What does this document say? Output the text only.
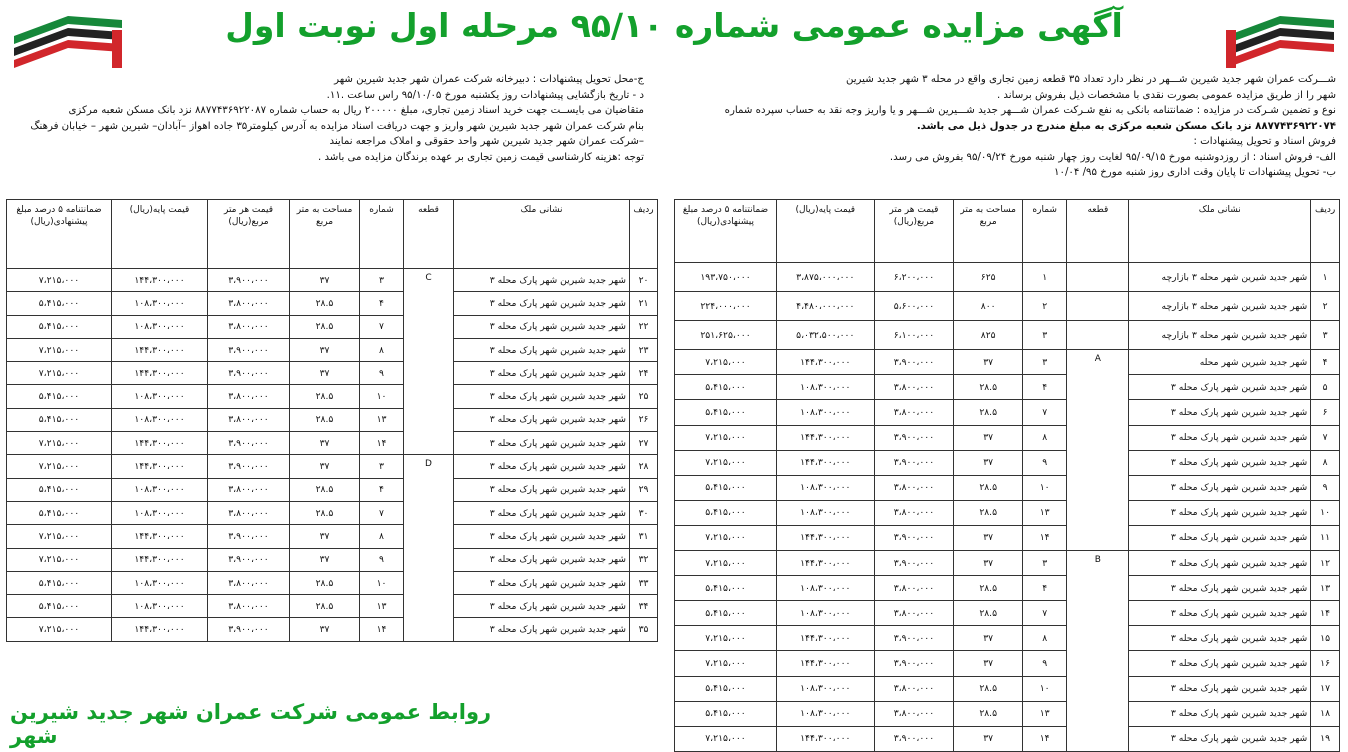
آگهی مزایده عمومی شماره ۹۵/۱۰ مرحله اول نوبت اول
شـــرکت عمران شهر جدید شیرین شـــهر در نظر دارد تعداد ۳۵ قطعه زمین تجاری واقع در محله ۳ شهر جدید شیرین
شهر را از طریق مزایده عمومی بصورت نقدی با مشخصات ذیل بفروش برساند .
نوع و تضمین شـرکت در مزایده : ضمانتنامه بانکی به نفع شـرکت عمران شـــهر جدید شـــیرین شـــهر و یا واریز وجه نقد به حساب سپرده شماره
۸۸۷۷۴۳۶۹۲۲۰۷۴ نزد بانک مسکن شعبه مرکزی به مبلغ مندرج در جدول ذیل می باشد.
فروش اسناد و تحویل پیشنهادات :
الف- فروش اسناد : از روزدوشنبه مورخ ۹۵/۰۹/۱۵ لغایت روز چهار شنبه مورخ ۹۵/۰۹/۲۴ بفروش می رسد.
ب- تحویل پیشنهادات تا پایان وقت اداری روز شنبه مورخ ۹۵/ ۱۰/۰۴
ج-محل تحویل پیشنهادات : دبیرخانه شرکت عمران شهر جدید شیرین شهر
د - تاریخ بازگشایی پیشنهادات روز یکشنبه مورخ ۹۵/۱۰/۰۵ راس ساعت .۱۱.
متقاضیان می بایســت جهت خرید اسناد زمین تجاری، مبلغ ۲۰۰۰۰۰ ریال به حساب شماره ۸۸۷۷۴۳۶۹۲۲۰۸۷ نزد بانک مسکن شعبه مرکزی
بنام شرکت عمران شهر جدید شیرین شهر واریز و جهت دریافت اسناد مزایده به آدرس کیلومتر۳۵ جاده اهواز –آبادان– شیرین شهر – خیابان فرهنگ
–شرکت عمران شهر جدید شیرین شهر واحد حقوقی و املاک مراجعه نمایند
توجه :هزینه کارشناسی قیمت زمین تجاری بر عهده برندگان مزایده می باشد .
ردیف	نشانی ملک	قطعه	شماره	مساحت به متر مربع	قیمت هر متر مربع(ریال)	قیمت پایه(ریال)	ضمانتنامه ۵ درصد مبلغ پیشنهادی(ریال)
۱	شهر جدید شیرین شهر محله ۳ بازارچه		۱	۶۲۵	۶،۲۰۰،۰۰۰	۳،۸۷۵،۰۰۰،۰۰۰	۱۹۳،۷۵۰،۰۰۰
۲	شهر جدید شیرین شهر محله ۳ بازارچه		۲	۸۰۰	۵،۶۰۰،۰۰۰	۴،۴۸۰،۰۰۰،۰۰۰	۲۲۴،۰۰۰،۰۰۰
۳	شهر جدید شیرین شهر محله ۳ بازارچه		۳	۸۲۵	۶،۱۰۰،۰۰۰	۵،۰۳۲،۵۰۰،۰۰۰	۲۵۱،۶۲۵،۰۰۰
۴	شهر جدید شیرین شهر محله	A	۳	۳۷	۳،۹۰۰،۰۰۰	۱۴۴،۳۰۰،۰۰۰	۷،۲۱۵،۰۰۰
۵	شهر جدید شیرین شهر پارک محله ۳		۴	۲۸.۵	۳،۸۰۰،۰۰۰	۱۰۸،۳۰۰،۰۰۰	۵،۴۱۵،۰۰۰
۶	شهر جدید شیرین شهر پارک محله ۳		۷	۲۸.۵	۳،۸۰۰،۰۰۰	۱۰۸،۳۰۰،۰۰۰	۵،۴۱۵،۰۰۰
۷	شهر جدید شیرین شهر پارک محله ۳		۸	۳۷	۳،۹۰۰،۰۰۰	۱۴۴،۳۰۰،۰۰۰	۷،۲۱۵،۰۰۰
۸	شهر جدید شیرین شهر پارک محله ۳		۹	۳۷	۳،۹۰۰،۰۰۰	۱۴۴،۳۰۰،۰۰۰	۷،۲۱۵،۰۰۰
۹	شهر جدید شیرین شهر پارک محله ۳		۱۰	۲۸.۵	۳،۸۰۰،۰۰۰	۱۰۸،۳۰۰،۰۰۰	۵،۴۱۵،۰۰۰
۱۰	شهر جدید شیرین شهر پارک محله ۳		۱۳	۲۸.۵	۳،۸۰۰،۰۰۰	۱۰۸،۳۰۰،۰۰۰	۵،۴۱۵،۰۰۰
۱۱	شهر جدید شیرین شهر پارک محله ۳		۱۴	۳۷	۳،۹۰۰،۰۰۰	۱۴۴،۳۰۰،۰۰۰	۷،۲۱۵،۰۰۰
۱۲	شهر جدید شیرین شهر پارک محله ۳	B	۳	۳۷	۳،۹۰۰،۰۰۰	۱۴۴،۳۰۰،۰۰۰	۷،۲۱۵،۰۰۰
۱۳	شهر جدید شیرین شهر پارک محله ۳		۴	۲۸.۵	۳،۸۰۰،۰۰۰	۱۰۸،۳۰۰،۰۰۰	۵،۴۱۵،۰۰۰
۱۴	شهر جدید شیرین شهر پارک محله ۳		۷	۲۸.۵	۳،۸۰۰،۰۰۰	۱۰۸،۳۰۰،۰۰۰	۵،۴۱۵،۰۰۰
۱۵	شهر جدید شیرین شهر پارک محله ۳		۸	۳۷	۳،۹۰۰،۰۰۰	۱۴۴،۳۰۰،۰۰۰	۷،۲۱۵،۰۰۰
۱۶	شهر جدید شیرین شهر پارک محله ۳		۹	۳۷	۳،۹۰۰،۰۰۰	۱۴۴،۳۰۰،۰۰۰	۷،۲۱۵،۰۰۰
۱۷	شهر جدید شیرین شهر پارک محله ۳		۱۰	۲۸.۵	۳،۸۰۰،۰۰۰	۱۰۸،۳۰۰،۰۰۰	۵،۴۱۵،۰۰۰
۱۸	شهر جدید شیرین شهر پارک محله ۳		۱۳	۲۸.۵	۳،۸۰۰،۰۰۰	۱۰۸،۳۰۰،۰۰۰	۵،۴۱۵،۰۰۰
۱۹	شهر جدید شیرین شهر پارک محله ۳		۱۴	۳۷	۳،۹۰۰،۰۰۰	۱۴۴،۳۰۰،۰۰۰	۷،۲۱۵،۰۰۰
ردیف	نشانی ملک	قطعه	شماره	مساحت به متر مربع	قیمت هر متر مربع(ریال)	قیمت پایه(ریال)	ضمانتنامه ۵ درصد مبلغ پیشنهادی(ریال)
۲۰	شهر جدید شیرین شهر پارک محله ۳	C	۳	۳۷	۳،۹۰۰،۰۰۰	۱۴۴،۳۰۰،۰۰۰	۷،۲۱۵،۰۰۰
۲۱	شهر جدید شیرین شهر پارک محله ۳		۴	۲۸.۵	۳،۸۰۰،۰۰۰	۱۰۸،۳۰۰،۰۰۰	۵،۴۱۵،۰۰۰
۲۲	شهر جدید شیرین شهر پارک محله ۳		۷	۲۸.۵	۳،۸۰۰،۰۰۰	۱۰۸،۳۰۰،۰۰۰	۵،۴۱۵،۰۰۰
۲۳	شهر جدید شیرین شهر پارک محله ۳		۸	۳۷	۳،۹۰۰،۰۰۰	۱۴۴،۳۰۰،۰۰۰	۷،۲۱۵،۰۰۰
۲۴	شهر جدید شیرین شهر پارک محله ۳		۹	۳۷	۳،۹۰۰،۰۰۰	۱۴۴،۳۰۰،۰۰۰	۷،۲۱۵،۰۰۰
۲۵	شهر جدید شیرین شهر پارک محله ۳		۱۰	۲۸.۵	۳،۸۰۰،۰۰۰	۱۰۸،۳۰۰،۰۰۰	۵،۴۱۵،۰۰۰
۲۶	شهر جدید شیرین شهر پارک محله ۳		۱۳	۲۸.۵	۳،۸۰۰،۰۰۰	۱۰۸،۳۰۰،۰۰۰	۵،۴۱۵،۰۰۰
۲۷	شهر جدید شیرین شهر پارک محله ۳		۱۴	۳۷	۳،۹۰۰،۰۰۰	۱۴۴،۳۰۰،۰۰۰	۷،۲۱۵،۰۰۰
۲۸	شهر جدید شیرین شهر پارک محله ۳	D	۳	۳۷	۳،۹۰۰،۰۰۰	۱۴۴،۳۰۰،۰۰۰	۷،۲۱۵،۰۰۰
۲۹	شهر جدید شیرین شهر پارک محله ۳		۴	۲۸.۵	۳،۸۰۰،۰۰۰	۱۰۸،۳۰۰،۰۰۰	۵،۴۱۵،۰۰۰
۳۰	شهر جدید شیرین شهر پارک محله ۳		۷	۲۸.۵	۳،۸۰۰،۰۰۰	۱۰۸،۳۰۰،۰۰۰	۵،۴۱۵،۰۰۰
۳۱	شهر جدید شیرین شهر پارک محله ۳		۸	۳۷	۳،۹۰۰،۰۰۰	۱۴۴،۳۰۰،۰۰۰	۷،۲۱۵،۰۰۰
۳۲	شهر جدید شیرین شهر پارک محله ۳		۹	۳۷	۳،۹۰۰،۰۰۰	۱۴۴،۳۰۰،۰۰۰	۷،۲۱۵،۰۰۰
۳۳	شهر جدید شیرین شهر پارک محله ۳		۱۰	۲۸.۵	۳،۸۰۰،۰۰۰	۱۰۸،۳۰۰،۰۰۰	۵،۴۱۵،۰۰۰
۳۴	شهر جدید شیرین شهر پارک محله ۳		۱۳	۲۸.۵	۳،۸۰۰،۰۰۰	۱۰۸،۳۰۰،۰۰۰	۵،۴۱۵،۰۰۰
۳۵	شهر جدید شیرین شهر پارک محله ۳		۱۴	۳۷	۳،۹۰۰،۰۰۰	۱۴۴،۳۰۰،۰۰۰	۷،۲۱۵،۰۰۰
روابط عمومی شرکت عمران شهر جدید شیرین شهر
